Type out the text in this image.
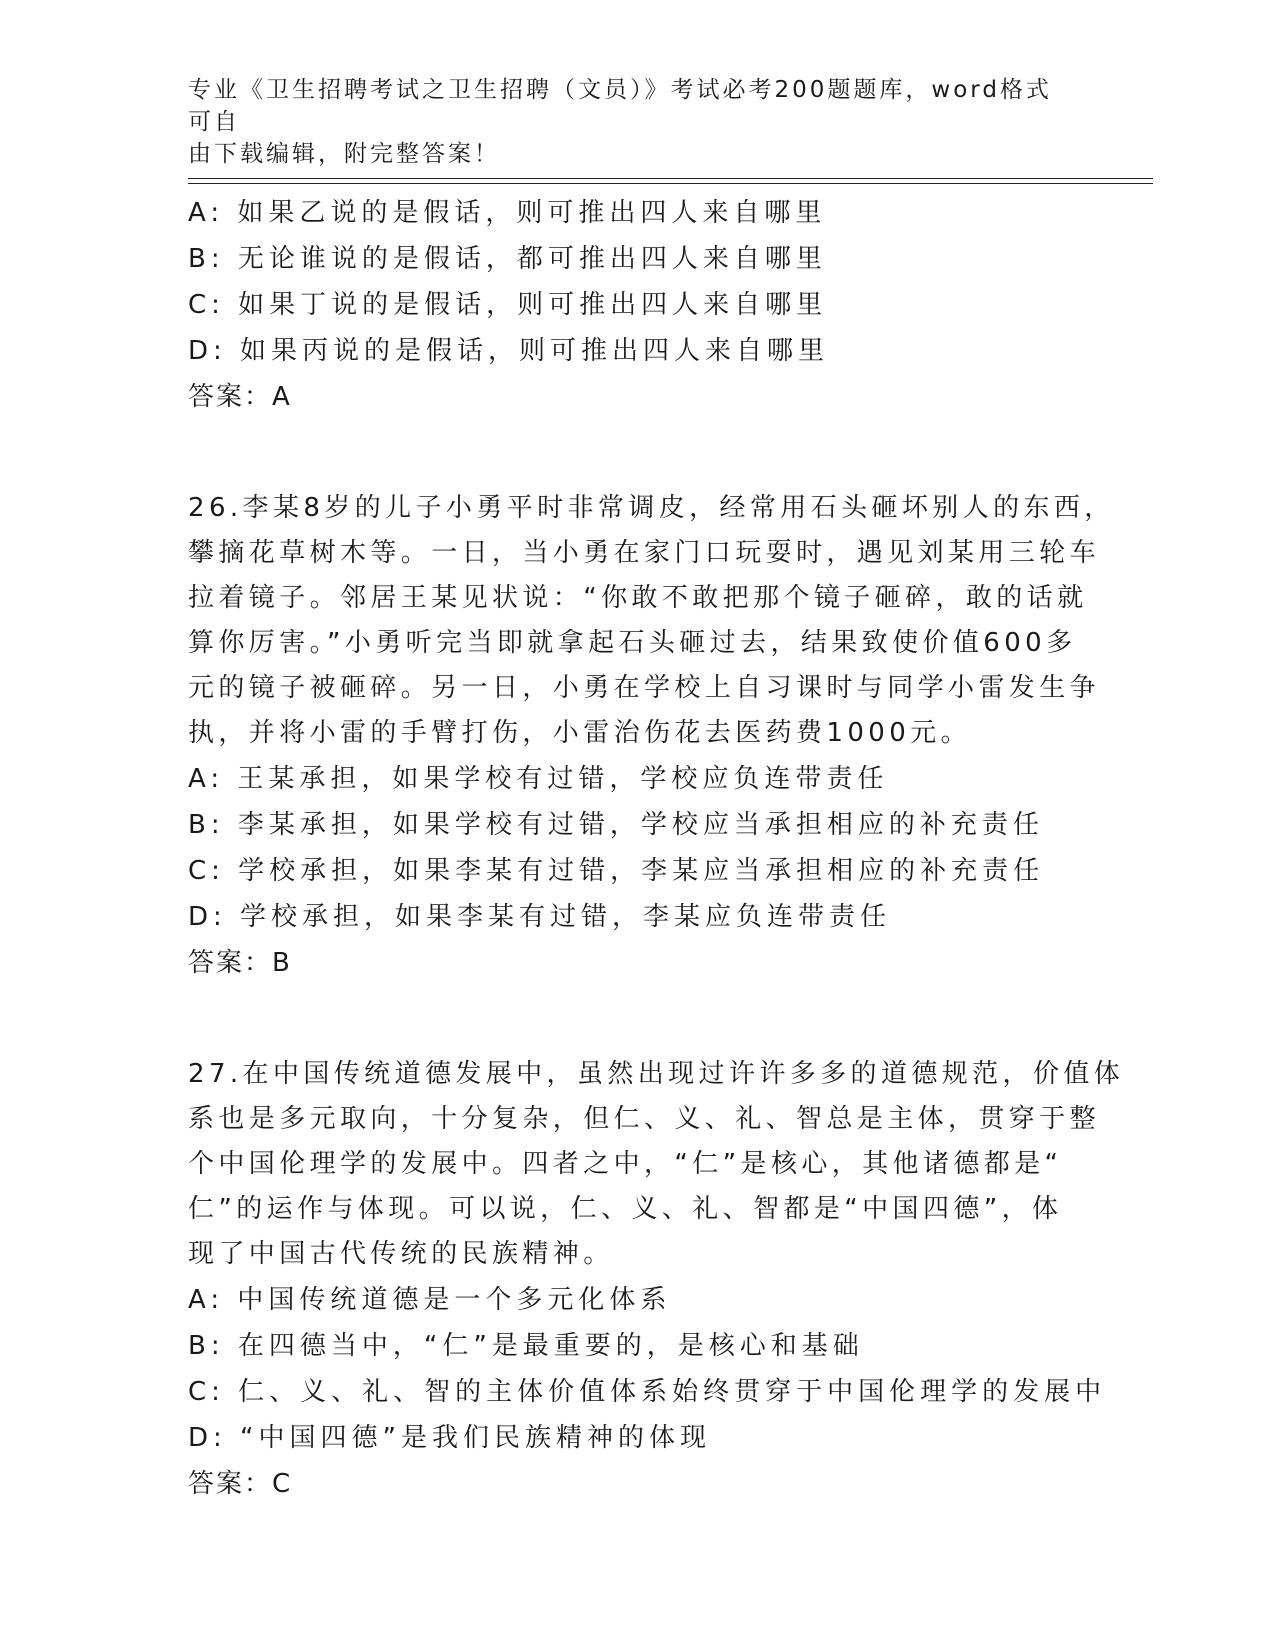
专业《卫生招聘考试之卫生招聘（文员）》考试必考200题题库，word格式可自
由下载编辑，附完整答案！
A: 如果乙说的是假话，则可推出四人来自哪里
B: 无论谁说的是假话，都可推出四人来自哪里
C: 如果丁说的是假话，则可推出四人来自哪里
D: 如果丙说的是假话，则可推出四人来自哪里
答案：A
26.李某8岁的儿子小勇平时非常调皮，经常用石头砸坏别人的东西，
攀摘花草树木等。一日，当小勇在家门口玩耍时，遇见刘某用三轮车
拉着镜子。邻居王某见状说：“你敢不敢把那个镜子砸碎，敢的话就
算你厉害。”小勇听完当即就拿起石头砸过去，结果致使价值600多
元的镜子被砸碎。另一日，小勇在学校上自习课时与同学小雷发生争
执，并将小雷的手臂打伤，小雷治伤花去医药费1000元。
A: 王某承担，如果学校有过错，学校应负连带责任
B: 李某承担，如果学校有过错，学校应当承担相应的补充责任
C: 学校承担，如果李某有过错，李某应当承担相应的补充责任
D: 学校承担，如果李某有过错，李某应负连带责任
答案：B
27.在中国传统道德发展中，虽然出现过许许多多的道德规范，价值体
系也是多元取向，十分复杂，但仁、义、礼、智总是主体，贯穿于整
个中国伦理学的发展中。四者之中，“仁”是核心，其他诸德都是“
仁”的运作与体现。可以说，仁、义、礼、智都是“中国四德”，体
现了中国古代传统的民族精神。
A: 中国传统道德是一个多元化体系
B: 在四德当中，“仁”是最重要的，是核心和基础
C: 仁、义、礼、智的主体价值体系始终贯穿于中国伦理学的发展中
D: “中国四德”是我们民族精神的体现
答案：C
